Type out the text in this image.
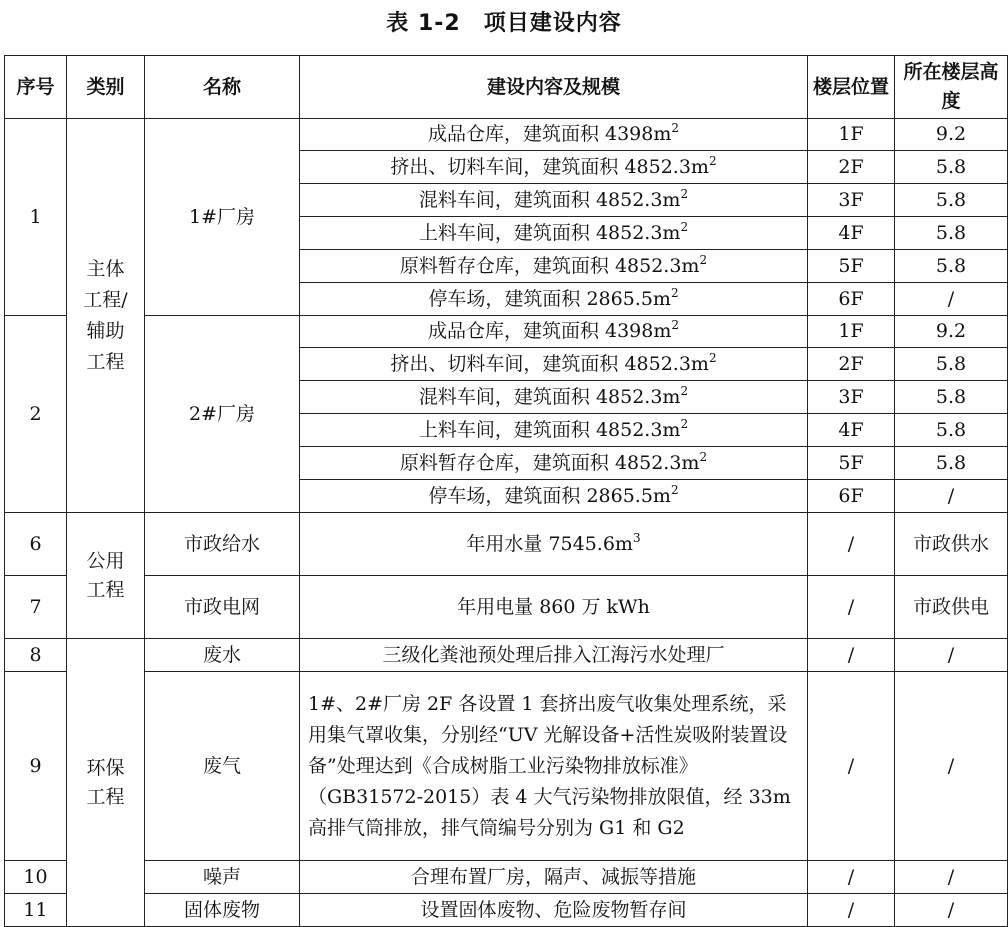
表 1-2　项目建设内容
序号	类别	名称	建设内容及规模	楼层位置	所在楼层高度
1	主体工程/辅助工程	1#厂房	成品仓库，建筑面积 $4398m^2$	1F	9.2
			挤出、切料车间，建筑面积 $4852.3m^2$	2F	5.8
			混料车间，建筑面积 $4852.3m^2$	3F	5.8
			上料车间，建筑面积 $4852.3m^2$	4F	5.8
			原料暂存仓库，建筑面积 $4852.3m^2$	5F	5.8
			停车场，建筑面积 $2865.5m^2$	6F	/
2		2#厂房	成品仓库，建筑面积 $4398m^2$	1F	9.2
			挤出、切料车间，建筑面积 $4852.3m^2$	2F	5.8
			混料车间，建筑面积 $4852.3m^2$	3F	5.8
			上料车间，建筑面积 $4852.3m^2$	4F	5.8
			原料暂存仓库，建筑面积 $4852.3m^2$	5F	5.8
			停车场，建筑面积 $2865.5m^2$	6F	/
6	公用工程	市政给水	年用水量 $7545.6m^3$	/	市政供水
7		市政电网	年用电量 860 万 kWh	/	市政供电
8	环保工程	废水	三级化粪池预处理后排入江海污水处理厂	/	/
9		废气	1#、2#厂房 2F 各设置 1 套挤出废气收集处理系统，采用集气罩收集，分别经“UV 光解设备+活性炭吸附装置设备”处理达到《合成树脂工业污染物排放标准》（GB31572-2015）表 4 大气污染物排放限值，经 33m 高排气筒排放，排气筒编号分别为 G1 和 G2	/	/
10		噪声	合理布置厂房，隔声、减振等措施	/	/
11		固体废物	设置固体废物、危险废物暂存间	/	/
